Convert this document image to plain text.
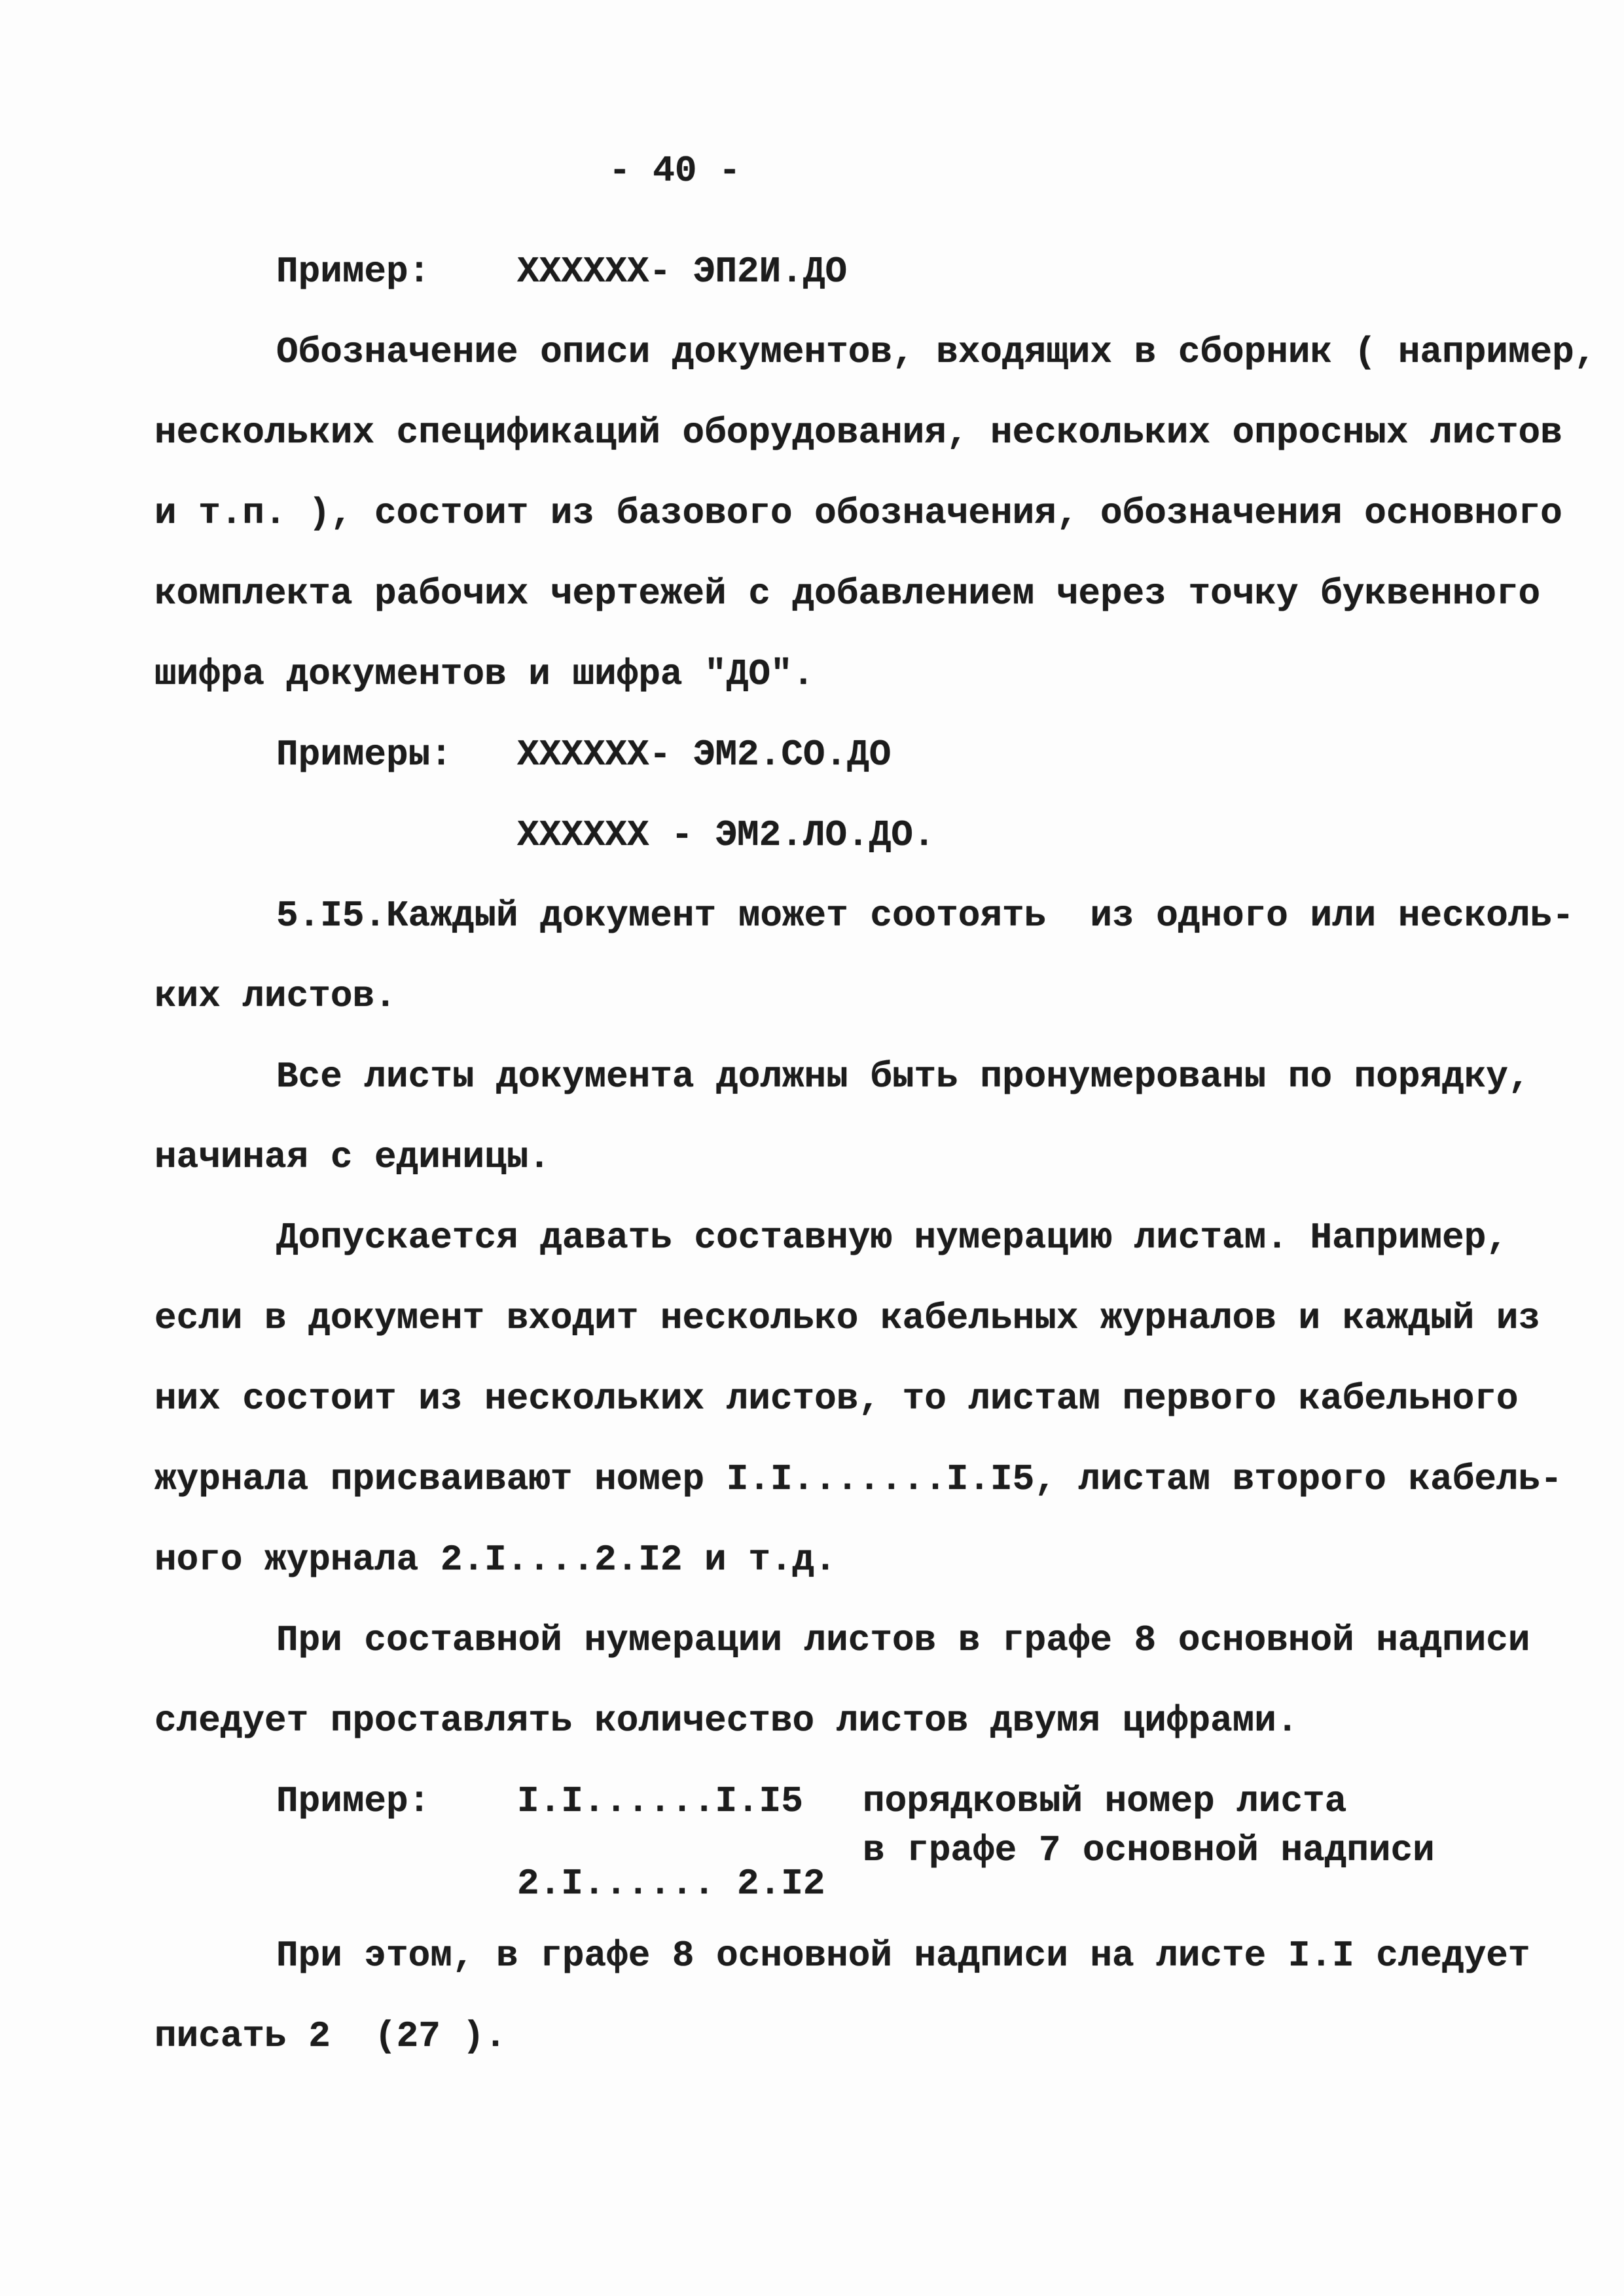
- 40 -
Пример: XXXXXX- ЭП2И.ДО
Обозначение описи документов, входящих в сборник ( например,
нескольких спецификаций оборудования, нескольких опросных листов
и т.п. ), состоит из базового обозначения, обозначения основного
комплекта рабочих чертежей с добавлением через точку буквенного
шифра документов и шифра "ДО".
Примеры: XXXXXX- ЭМ2.СО.ДО
XXXXXX - ЭМ2.ЛО.ДО.
5.I5.Каждый документ может соотоять  из одного или несколь-
ких листов.
Все листы документа должны быть пронумерованы по порядку,
начиная с единицы.
Допускается давать составную нумерацию листам. Например,
если в документ входит несколько кабельных журналов и каждый из
них состоит из нескольких листов, то листам первого кабельного
журнала присваивают номер I.I.......I.I5, листам второго кабель-
ного журнала 2.I....2.I2 и т.д.
При составной нумерации листов в графе 8 основной надписи
следует проставлять количество листов двумя цифрами.
Пример: I.I......I.I5
2.I...... 2.I2
порядковый номер листа
в графе 7 основной надписи
При этом, в графе 8 основной надписи на листе I.I следует
писать 2  (27 ).
